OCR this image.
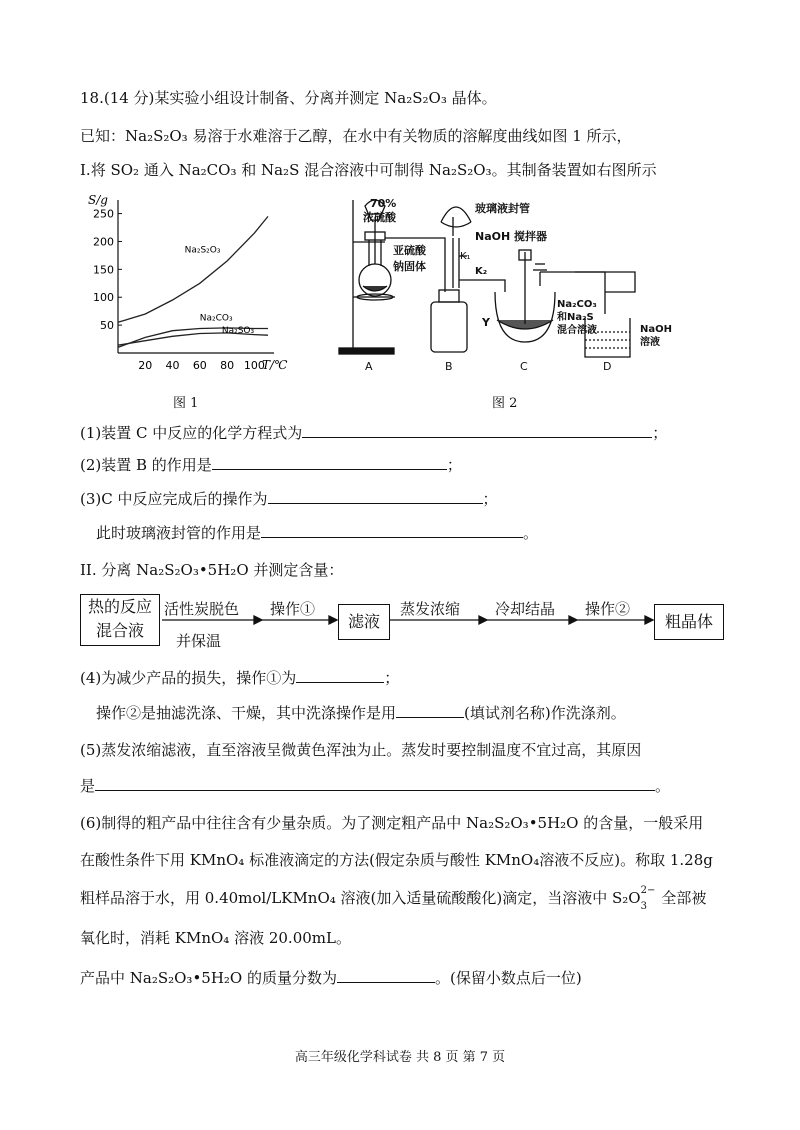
18.(14 分)某实验小组设计制备、分离并测定 Na₂S₂O₃ 晶体。
已知：Na₂S₂O₃ 易溶于水难溶于乙醇，在水中有关物质的溶解度曲线如图 1 所示，
I.将 SO₂ 通入 Na₂CO₃ 和 Na₂S 混合溶液中可制得 Na₂S₂O₃。其制备装置如右图所示
S/g
T/℃
50
100
150
200
250
20 40 60 80 100
Na₂S₂O₃
Na₂CO₃
Na₂SO₃
图 1
K₁
70%
浓硫酸
玻璃液封管
NaOH 搅拌器
亚硫酸
钠固体	K₂
Y
Na₂CO₃
和Na₂S
混合溶液	NaOH
溶液
A	B	C	D
图 2
(1)装置 C 中反应的化学方程式为	；
(2)装置 B 的作用是	；
(3)C 中反应完成后的操作为	；
此时玻璃液封管的作用是	。
II. 分离 Na₂S₂O₃•5H₂O 并测定含量：
热的反应
混合液
活性炭脱色
并保温
操作①
滤液
蒸发浓缩 冷却结晶 操作②
粗晶体
(4)为减少产品的损失，操作①为	；
操作②是抽滤洗涤、干燥，其中洗涤操作是用	(填试剂名称)作洗涤剂。
(5)蒸发浓缩滤液，直至溶液呈微黄色浑浊为止。蒸发时要控制温度不宜过高，其原因
是	。
(6)制得的粗产品中往往含有少量杂质。为了测定粗产品中 Na₂S₂O₃•5H₂O 的含量，一般采用
在酸性条件下用 KMnO₄ 标准液滴定的方法(假定杂质与酸性 KMnO₄溶液不反应)。称取 1.28g
粗样品溶于水，用 0.40mol/LKMnO₄ 溶液(加入适量硫酸酸化)滴定，当溶液中 S₂O 2−
3 全部被
氧化时，消耗 KMnO₄ 溶液 20.00mL。
产品中 Na₂S₂O₃•5H₂O 的质量分数为	。(保留小数点后一位)
高三年级化学科试卷 共 8 页 第 7 页
